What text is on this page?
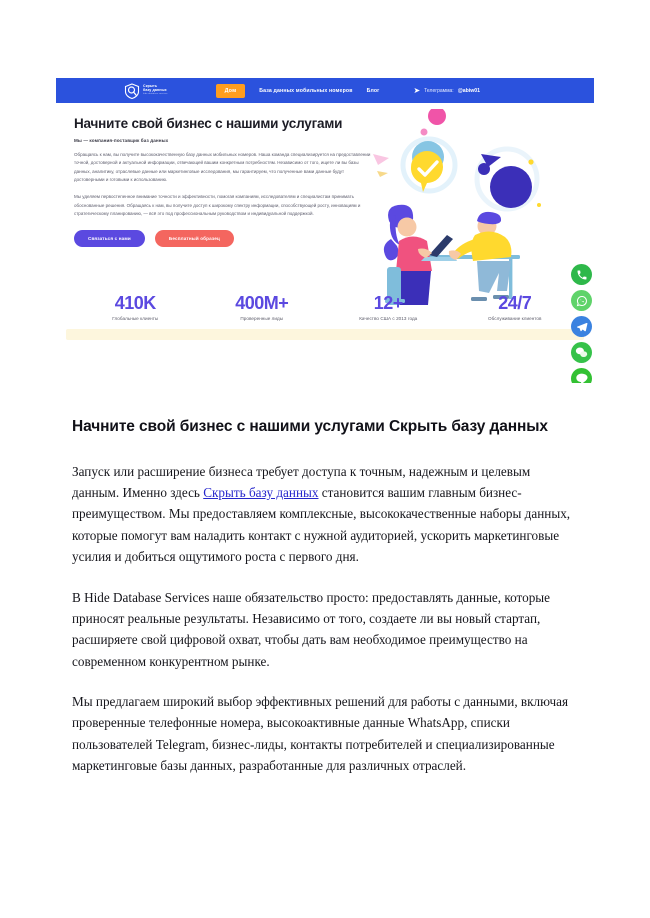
Скрыть
базу данных
hide database services
Дом	База данных мобильных номеров	Блог	➤ Телеграмма: @abiw01
Начните свой бизнес с нашими услугами
Мы — компания-поставщик баз данных

Обращаясь к нам, вы получите высококачественную базу данных мобильных номеров. Наша команда специализируется на предоставлении точной, достоверной и актуальной информации, отвечающей вашим конкретным потребностям. Независимо от того, ищете ли вы базы данных, аналитику, отраслевые данные или маркетинговые исследования, мы гарантируем, что полученные вами данные будут достоверными и готовыми к использованию.

Мы уделяем первостепенное внимание точности и эффективности, помогая компаниям, исследователям и специалистам принимать обоснованные решения. Обращаясь к нам, вы получите доступ к широкому спектру информации, способствующей росту, инновациям и стратегическому планированию, — всё это под профессиональным руководством и индивидуальной поддержкой.

Связаться с нами	Бесплатный образец
410K
Глобальные клиенты
400M+
Проверенные лиды
12+
Качество США с 2013 года
24/7
Обслуживание клиентов
Начните свой бизнес с нашими услугами Скрыть базу данных

Запуск или расширение бизнеса требует доступа к точным, надежным и целевым данным. Именно здесь Скрыть базу данных становится вашим главным бизнес-преимуществом. Мы предоставляем комплексные, высококачественные наборы данных, которые помогут вам наладить контакт с нужной аудиторией, ускорить маркетинговые усилия и добиться ощутимого роста с первого дня.

В Hide Database Services наше обязательство просто: предоставлять данные, которые приносят реальные результаты. Независимо от того, создаете ли вы новый стартап, расширяете свой цифровой охват, чтобы дать вам необходимое преимущество на современном конкурентном рынке.

Мы предлагаем широкий выбор эффективных решений для работы с данными, включая проверенные телефонные номера, высокоактивные данные WhatsApp, списки пользователей Telegram, бизнес-лиды, контакты потребителей и специализированные маркетинговые базы данных, разработанные для различных отраслей.
